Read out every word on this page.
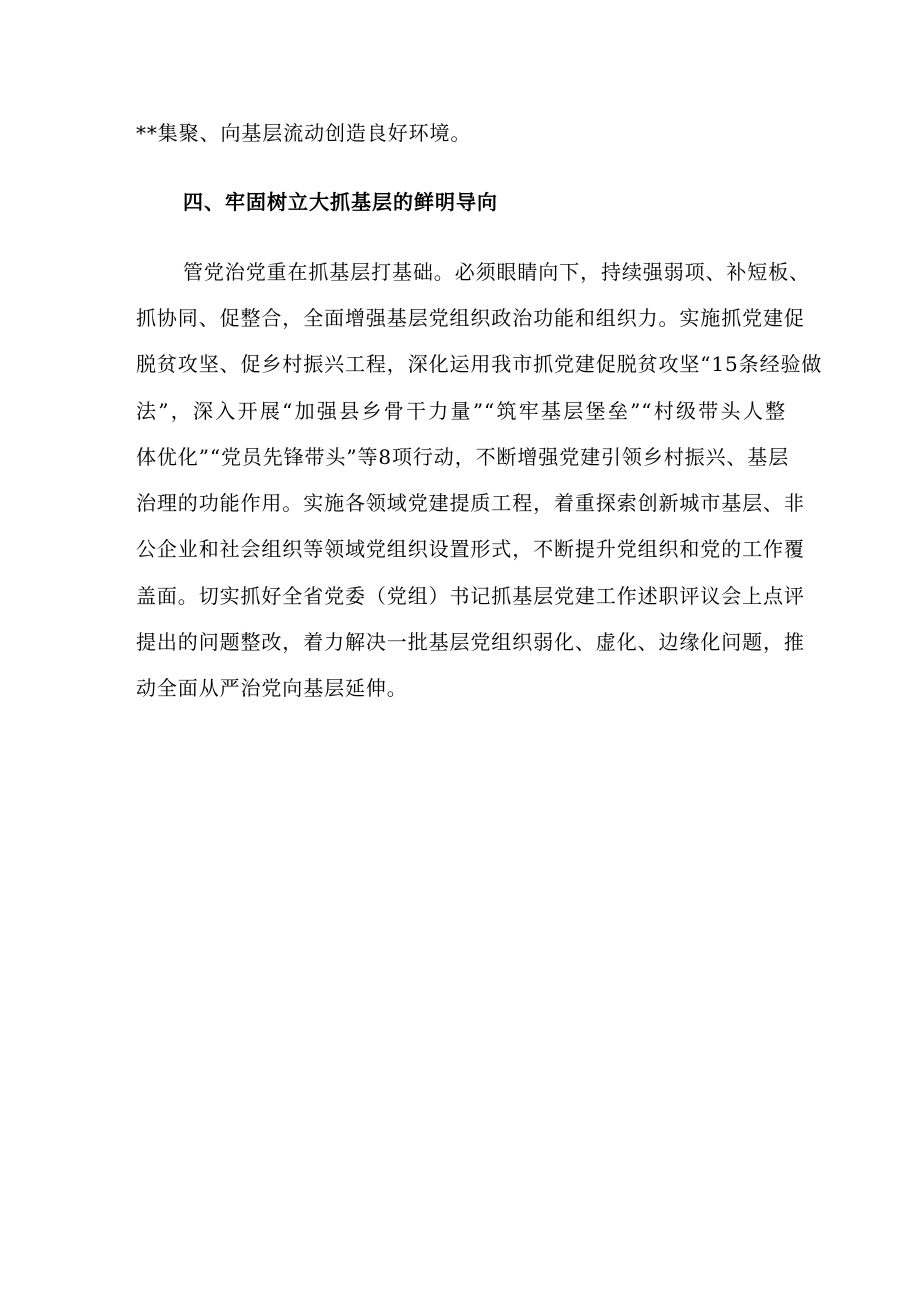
**集聚、向基层流动创造良好环境。
四、牢固树立大抓基层的鲜明导向
管党治党重在抓基层打基础。必须眼睛向下，持续强弱项、补短板、
抓协同、促整合，全面增强基层党组织政治功能和组织力。实施抓党建促
脱贫攻坚、促乡村振兴工程，深化运用我市抓党建促脱贫攻坚“15条经验做
法”，深入开展“加强县乡骨干力量”“筑牢基层堡垒”“村级带头人整
体优化”“党员先锋带头”等8项行动，不断增强党建引领乡村振兴、基层
治理的功能作用。实施各领域党建提质工程，着重探索创新城市基层、非
公企业和社会组织等领域党组织设置形式，不断提升党组织和党的工作覆
盖面。切实抓好全省党委（党组）书记抓基层党建工作述职评议会上点评
提出的问题整改，着力解决一批基层党组织弱化、虚化、边缘化问题，推
动全面从严治党向基层延伸。
